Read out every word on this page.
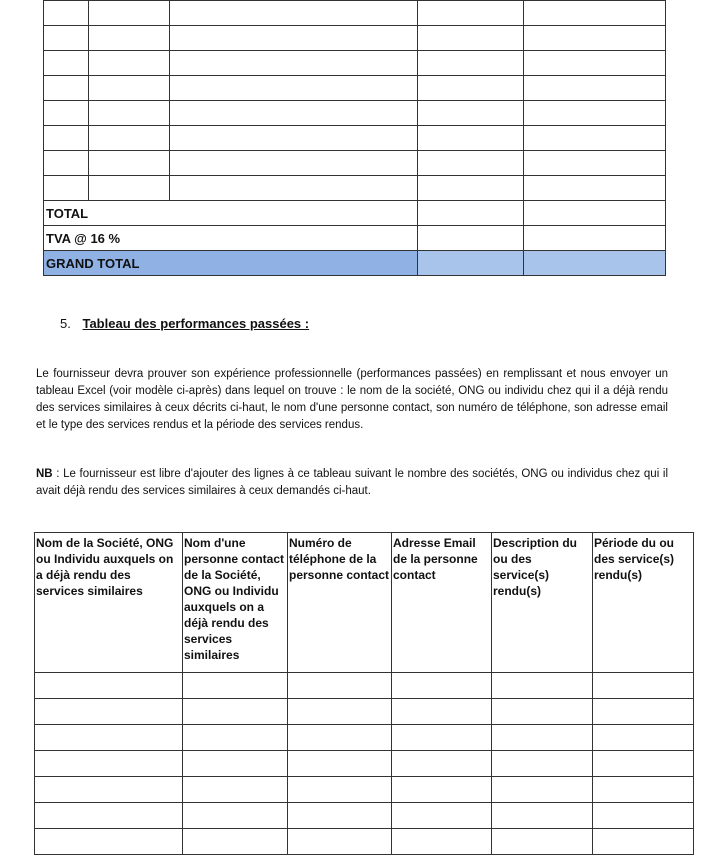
TOTAL				
TVA @ 16 %				
GRAND TOTAL				
5. Tableau des performances passées :
Le fournisseur devra prouver son expérience professionnelle (performances passées) en remplissant et nous envoyer un tableau Excel (voir modèle ci-après) dans lequel on trouve : le nom de la société, ONG ou individu chez qui il a déjà rendu des services similaires à ceux décrits ci-haut, le nom d'une personne contact, son numéro de téléphone, son adresse email et le type des services rendus et la période des services rendus.
NB : Le fournisseur est libre d'ajouter des lignes à ce tableau suivant le nombre des sociétés, ONG ou individus chez qui il avait déjà rendu des services similaires à ceux demandés ci-haut.
Nom de la Société, ONG ou Individu auxquels on a déjà rendu des services similaires	Nom d'une personne contact de la Société, ONG ou Individu auxquels on a déjà rendu des services similaires	Numéro de téléphone de la personne contact	Adresse Email de la personne contact	Description du ou des service(s) rendu(s)	Période du ou des service(s) rendu(s)
